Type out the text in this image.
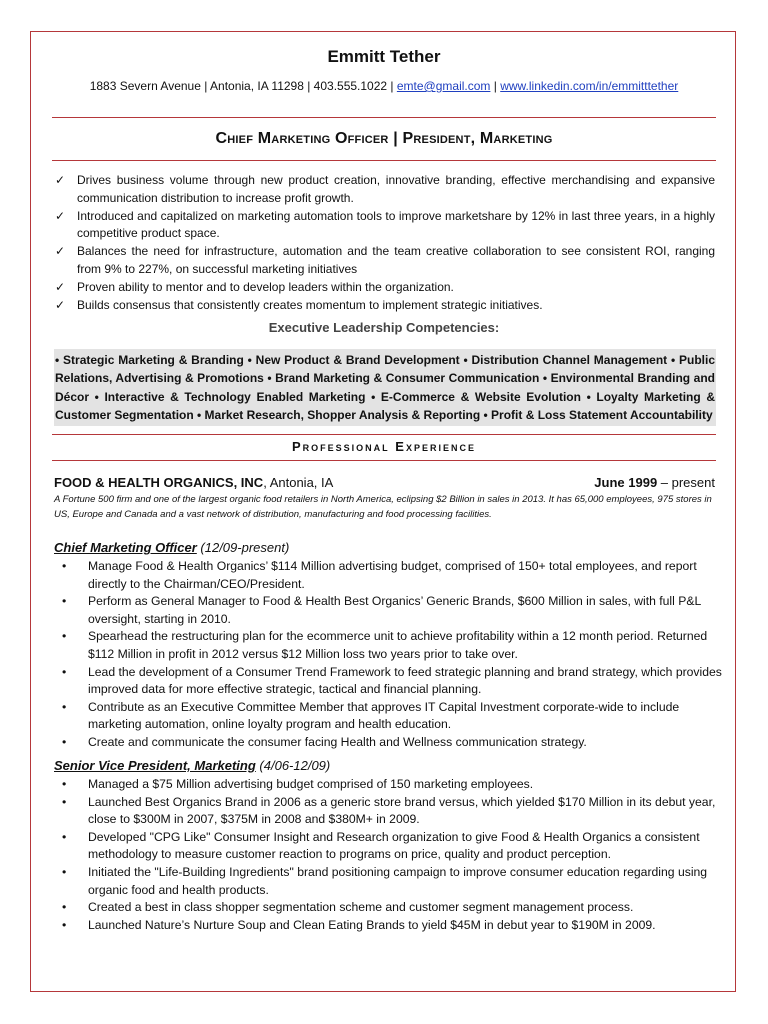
Emmitt Tether
1883 Severn Avenue | Antonia, IA 11298 | 403.555.1022 | emte@gmail.com | www.linkedin.com/in/emmitttether
Chief Marketing Officer | President, Marketing
✓ Drives business volume through new product creation, innovative branding, effective merchandising and expansive communication distribution to increase profit growth.
✓ Introduced and capitalized on marketing automation tools to improve marketshare by 12% in last three years, in a highly competitive product space.
✓ Balances the need for infrastructure, automation and the team creative collaboration to see consistent ROI, ranging from 9% to 227%, on successful marketing initiatives
✓ Proven ability to mentor and to develop leaders within the organization.
✓ Builds consensus that consistently creates momentum to implement strategic initiatives.
Executive Leadership Competencies:

• Strategic Marketing & Branding • New Product & Brand Development • Distribution Channel Management • Public Relations, Advertising & Promotions • Brand Marketing & Consumer Communication • Environmental Branding and Décor • Interactive & Technology Enabled Marketing • E-Commerce & Website Evolution • Loyalty Marketing & Customer Segmentation • Market Research, Shopper Analysis & Reporting • Profit & Loss Statement Accountability

Professional Experience
FOOD & HEALTH ORGANICS, INC, Antonia, IA	June 1999 – present

A Fortune 500 firm and one of the largest organic food retailers in North America, eclipsing $2 Billion in sales in 2013. It has 65,000 employees, 975 stores in US, Europe and Canada and a vast network of distribution, manufacturing and food processing facilities.

Chief Marketing Officer (12/09-present)
• Manage Food & Health Organics’ $114 Million advertising budget, comprised of 150+ total employees, and report directly to the Chairman/CEO/President.
• Perform as General Manager to Food & Health Best Organics’ Generic Brands, $600 Million in sales, with full P&L oversight, starting in 2010.
• Spearhead the restructuring plan for the ecommerce unit to achieve profitability within a 12 month period. Returned $112 Million in profit in 2012 versus $12 Million loss two years prior to take over.
• Lead the development of a Consumer Trend Framework to feed strategic planning and brand strategy, which provides improved data for more effective strategic, tactical and financial planning.
• Contribute as an Executive Committee Member that approves IT Capital Investment corporate-wide to include marketing automation, online loyalty program and health education.
• Create and communicate the consumer facing Health and Wellness communication strategy.
Senior Vice President, Marketing (4/06-12/09)
• Managed a $75 Million advertising budget comprised of 150 marketing employees.
• Launched Best Organics Brand in 2006 as a generic store brand versus, which yielded $170 Million in its debut year, close to $300M in 2007, $375M in 2008 and $380M+ in 2009.
• Developed "CPG Like" Consumer Insight and Research organization to give Food & Health Organics a consistent methodology to measure customer reaction to programs on price, quality and product perception.
• Initiated the "Life-Building Ingredients" brand positioning campaign to improve consumer education regarding using organic food and health products.
• Created a best in class shopper segmentation scheme and customer segment management process.
• Launched Nature’s Nurture Soup and Clean Eating Brands to yield $45M in debut year to $190M in 2009.
